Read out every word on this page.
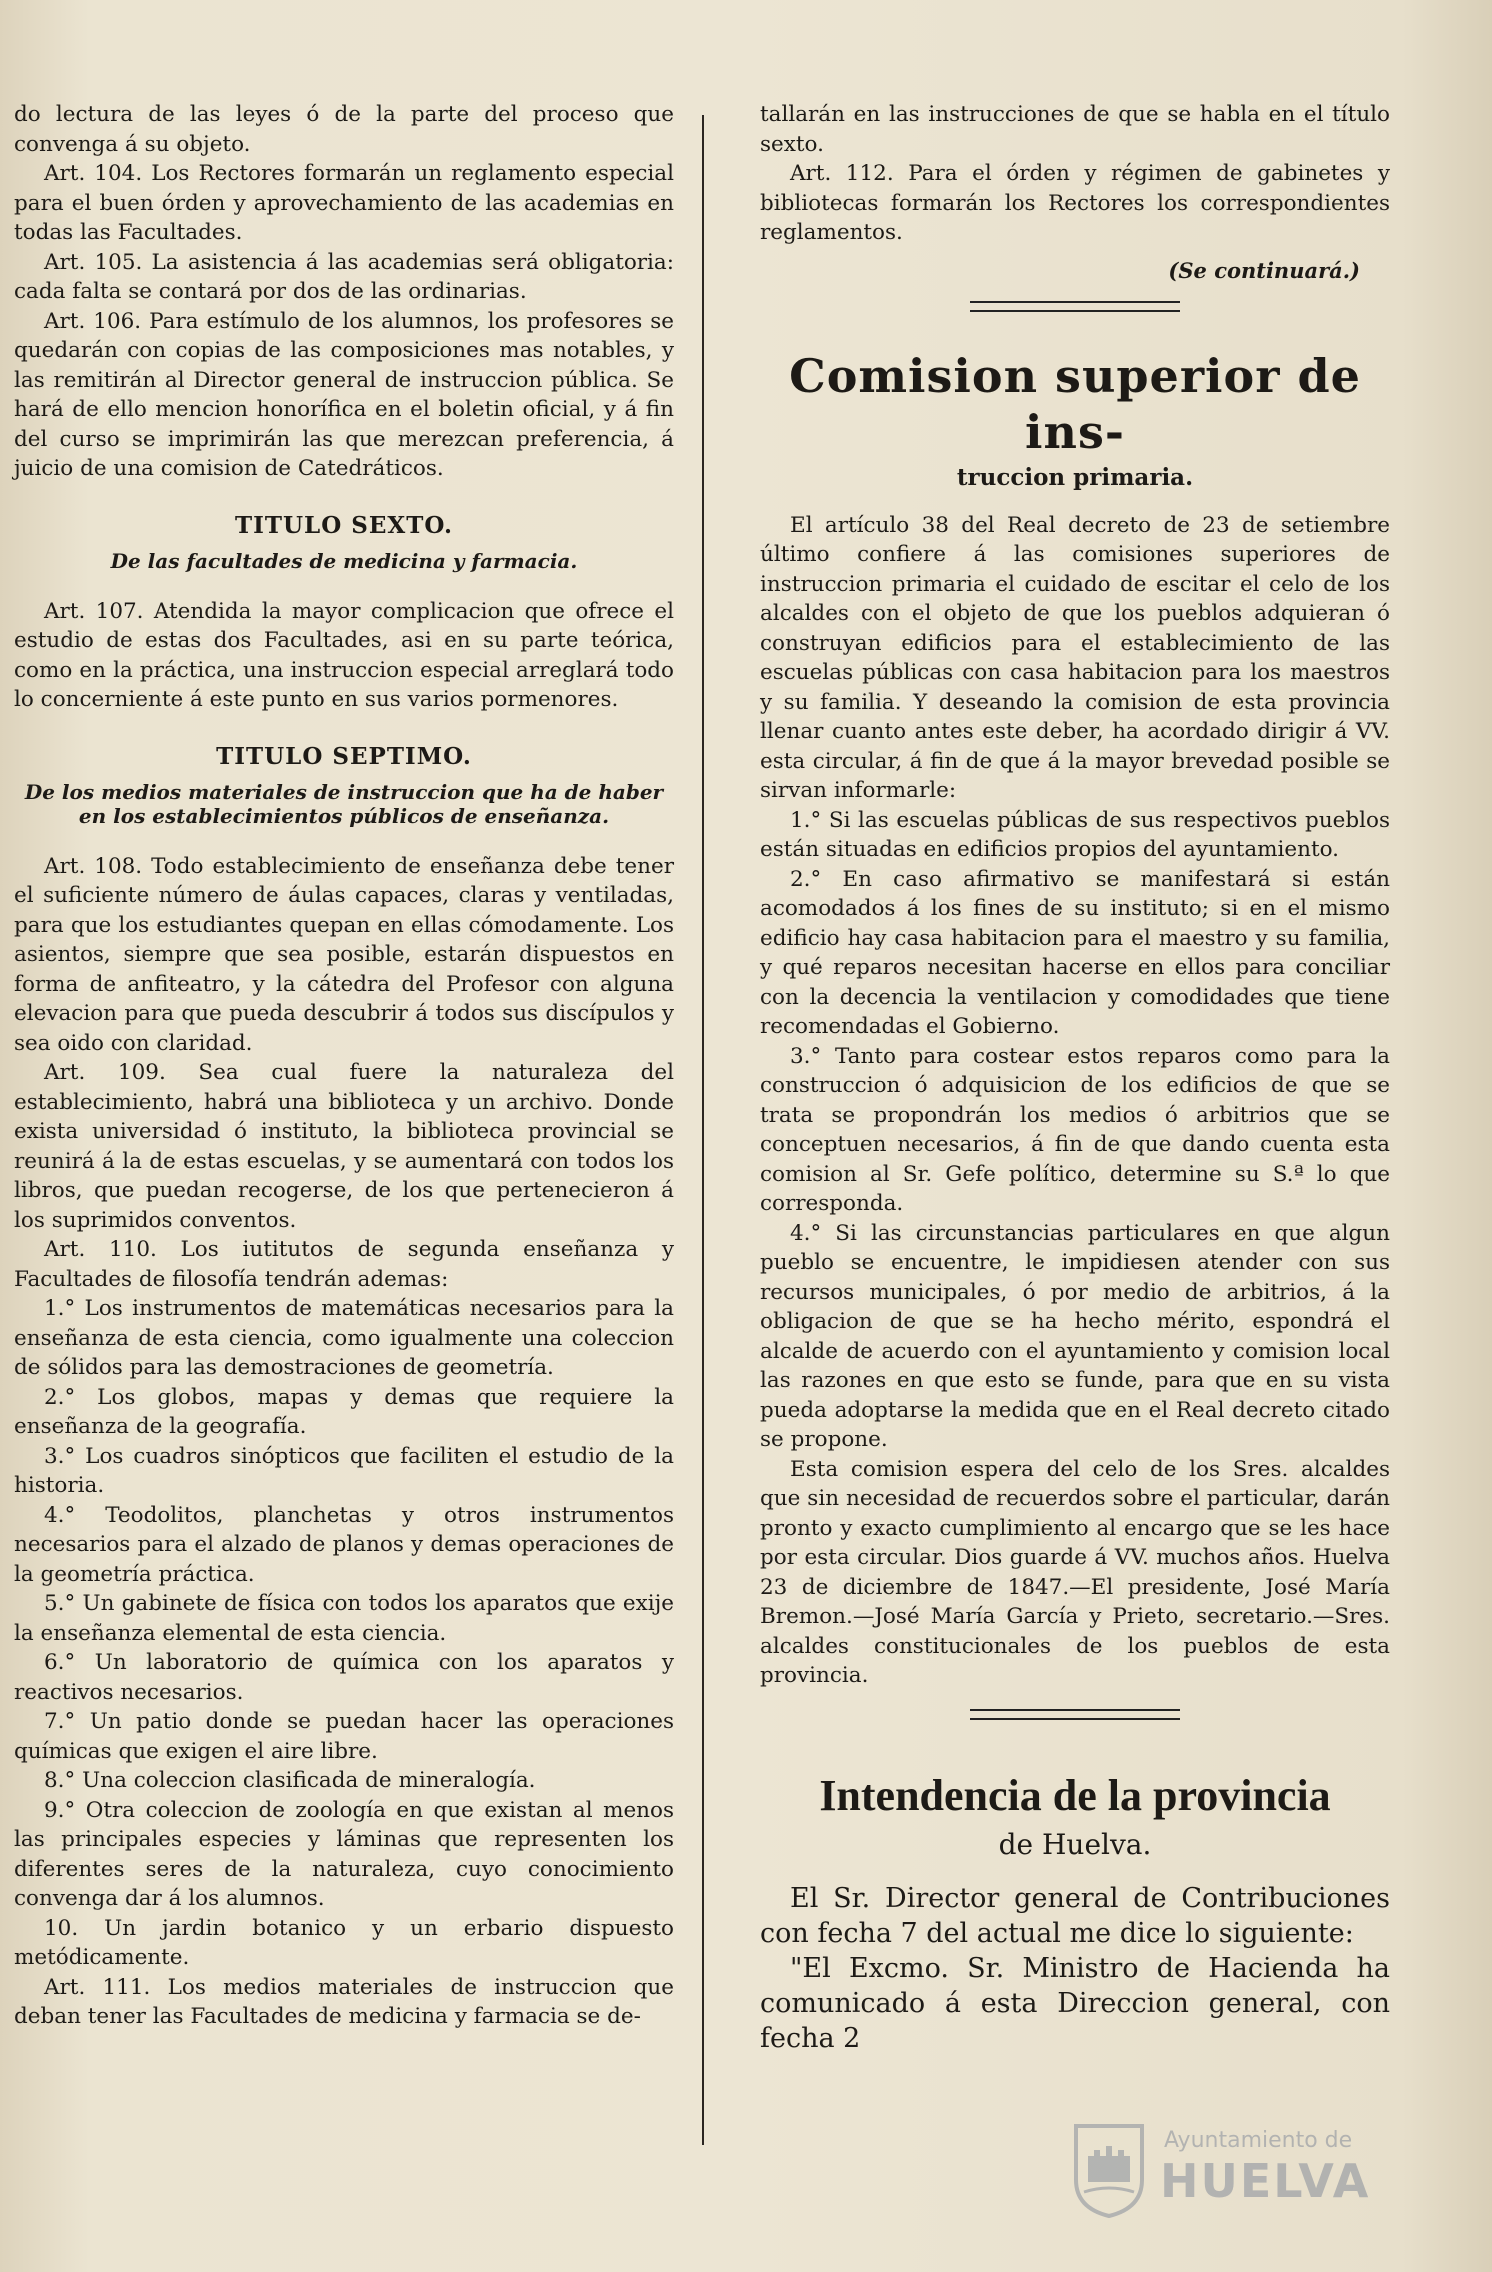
do lectura de las leyes ó de la parte del proceso que convenga á su objeto.

Art. 104. Los Rectores formarán un reglamento especial para el buen órden y aprovechamiento de las academias en todas las Facultades.

Art. 105. La asistencia á las academias será obligatoria: cada falta se contará por dos de las ordinarias.

Art. 106. Para estímulo de los alumnos, los profesores se quedarán con copias de las composiciones mas notables, y las remitirán al Director general de instruccion pública. Se hará de ello mencion honorífica en el boletin oficial, y á fin del curso se imprimirán las que merezcan preferencia, á juicio de una comision de Catedráticos.

TITULO SEXTO.
De las facultades de medicina y farmacia.

Art. 107. Atendida la mayor complicacion que ofrece el estudio de estas dos Facultades, asi en su parte teórica, como en la práctica, una instruccion especial arreglará todo lo concerniente á este punto en sus varios pormenores.

TITULO SEPTIMO.
De los medios materiales de instruccion que ha de haber en los establecimientos públicos de enseñanza.

Art. 108. Todo establecimiento de enseñanza debe tener el suficiente número de áulas capaces, claras y ventiladas, para que los estudiantes quepan en ellas cómodamente. Los asientos, siempre que sea posible, estarán dispuestos en forma de anfiteatro, y la cátedra del Profesor con alguna elevacion para que pueda descubrir á todos sus discípulos y sea oido con claridad.

Art. 109. Sea cual fuere la naturaleza del establecimiento, habrá una biblioteca y un archivo. Donde exista universidad ó instituto, la biblioteca provincial se reunirá á la de estas escuelas, y se aumentará con todos los libros, que puedan recogerse, de los que pertenecieron á los suprimidos conventos.

Art. 110. Los iutitutos de segunda enseñanza y Facultades de filosofía tendrán ademas:

1.° Los instrumentos de matemáticas necesarios para la enseñanza de esta ciencia, como igualmente una coleccion de sólidos para las demostraciones de geometría.

2.° Los globos, mapas y demas que requiere la enseñanza de la geografía.

3.° Los cuadros sinópticos que faciliten el estudio de la historia.

4.° Teodolitos, planchetas y otros instrumentos necesarios para el alzado de planos y demas operaciones de la geometría práctica.

5.° Un gabinete de física con todos los aparatos que exije la enseñanza elemental de esta ciencia.

6.° Un laboratorio de química con los aparatos y reactivos necesarios.

7.° Un patio donde se puedan hacer las operaciones químicas que exigen el aire libre.

8.° Una coleccion clasificada de mineralogía.

9.° Otra coleccion de zoología en que existan al menos las principales especies y láminas que representen los diferentes seres de la naturaleza, cuyo conocimiento convenga dar á los alumnos.

10. Un jardin botanico y un erbario dispuesto metódicamente.

Art. 111. Los medios materiales de instruccion que deban tener las Facultades de medicina y farmacia se de-

tallarán en las instrucciones de que se habla en el título sexto.

Art. 112. Para el órden y régimen de gabinetes y bibliotecas formarán los Rectores los correspondientes reglamentos.

(Se continuará.)
Comision superior de ins-
truccion primaria.

El artículo 38 del Real decreto de 23 de setiembre último confiere á las comisiones superiores de instruccion primaria el cuidado de escitar el celo de los alcaldes con el objeto de que los pueblos adquieran ó construyan edificios para el establecimiento de las escuelas públicas con casa habitacion para los maestros y su familia. Y deseando la comision de esta provincia llenar cuanto antes este deber, ha acordado dirigir á VV. esta circular, á fin de que á la mayor brevedad posible se sirvan informarle:

1.° Si las escuelas públicas de sus respectivos pueblos están situadas en edificios propios del ayuntamiento.

2.° En caso afirmativo se manifestará si están acomodados á los fines de su instituto; si en el mismo edificio hay casa habitacion para el maestro y su familia, y qué reparos necesitan hacerse en ellos para conciliar con la decencia la ventilacion y comodidades que tiene recomendadas el Gobierno.

3.° Tanto para costear estos reparos como para la construccion ó adquisicion de los edificios de que se trata se propondrán los medios ó arbitrios que se conceptuen necesarios, á fin de que dando cuenta esta comision al Sr. Gefe político, determine su S.ª lo que corresponda.

4.° Si las circunstancias particulares en que algun pueblo se encuentre, le impidiesen atender con sus recursos municipales, ó por medio de arbitrios, á la obligacion de que se ha hecho mérito, espondrá el alcalde de acuerdo con el ayuntamiento y comision local las razones en que esto se funde, para que en su vista pueda adoptarse la medida que en el Real decreto citado se propone.

Esta comision espera del celo de los Sres. alcaldes que sin necesidad de recuerdos sobre el particular, darán pronto y exacto cumplimiento al encargo que se les hace por esta circular. Dios guarde á VV. muchos años. Huelva 23 de diciembre de 1847.—El presidente, José María Bremon.—José María García y Prieto, secretario.—Sres. alcaldes constitucionales de los pueblos de esta provincia.

Intendencia de la provincia
de Huelva.

El Sr. Director general de Contribuciones con fecha 7 del actual me dice lo siguiente:

"El Excmo. Sr. Ministro de Hacienda ha comunicado á esta Direccion general, con fecha 2

Ayuntamiento de
HUELVA
